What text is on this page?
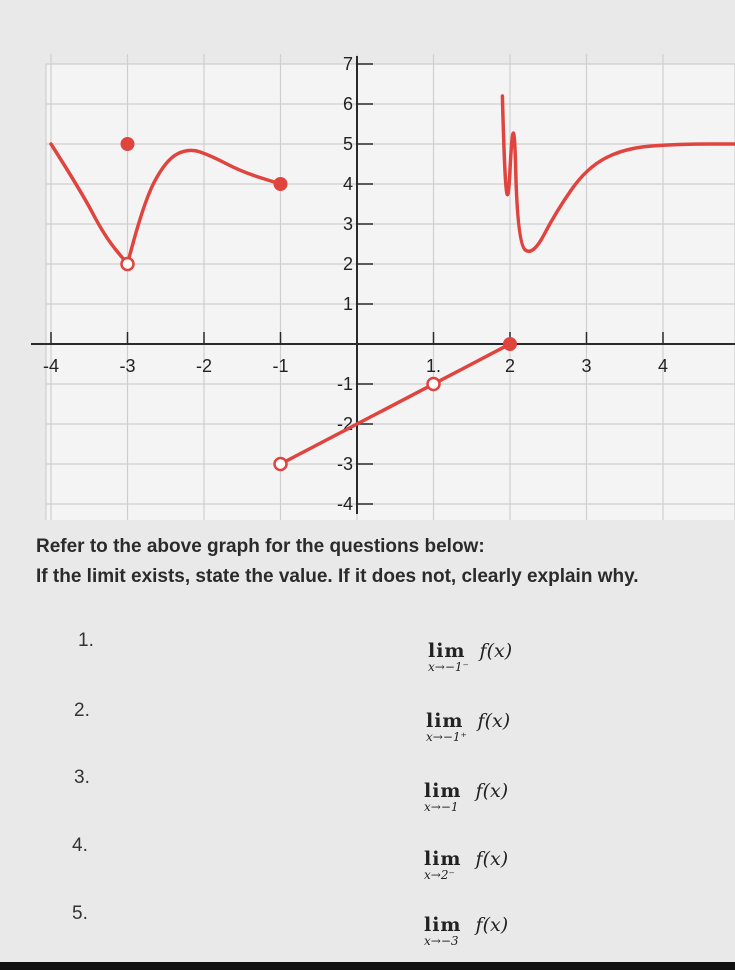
-4	-3	-2	-1	1.	2	3	4
7
6
5
4
3
2
1
-1
-2
-3
-4

Refer to the above graph for the questions below:

If the limit exists, state the value. If it does not, clearly explain why.

1.	lim f(x)
x→−1⁻
2.	lim f(x)
x→−1⁺
3.
lim f(x)
x→−1
4.
lim f(x)
x→2⁻
5.
lim f(x)
x→−3
